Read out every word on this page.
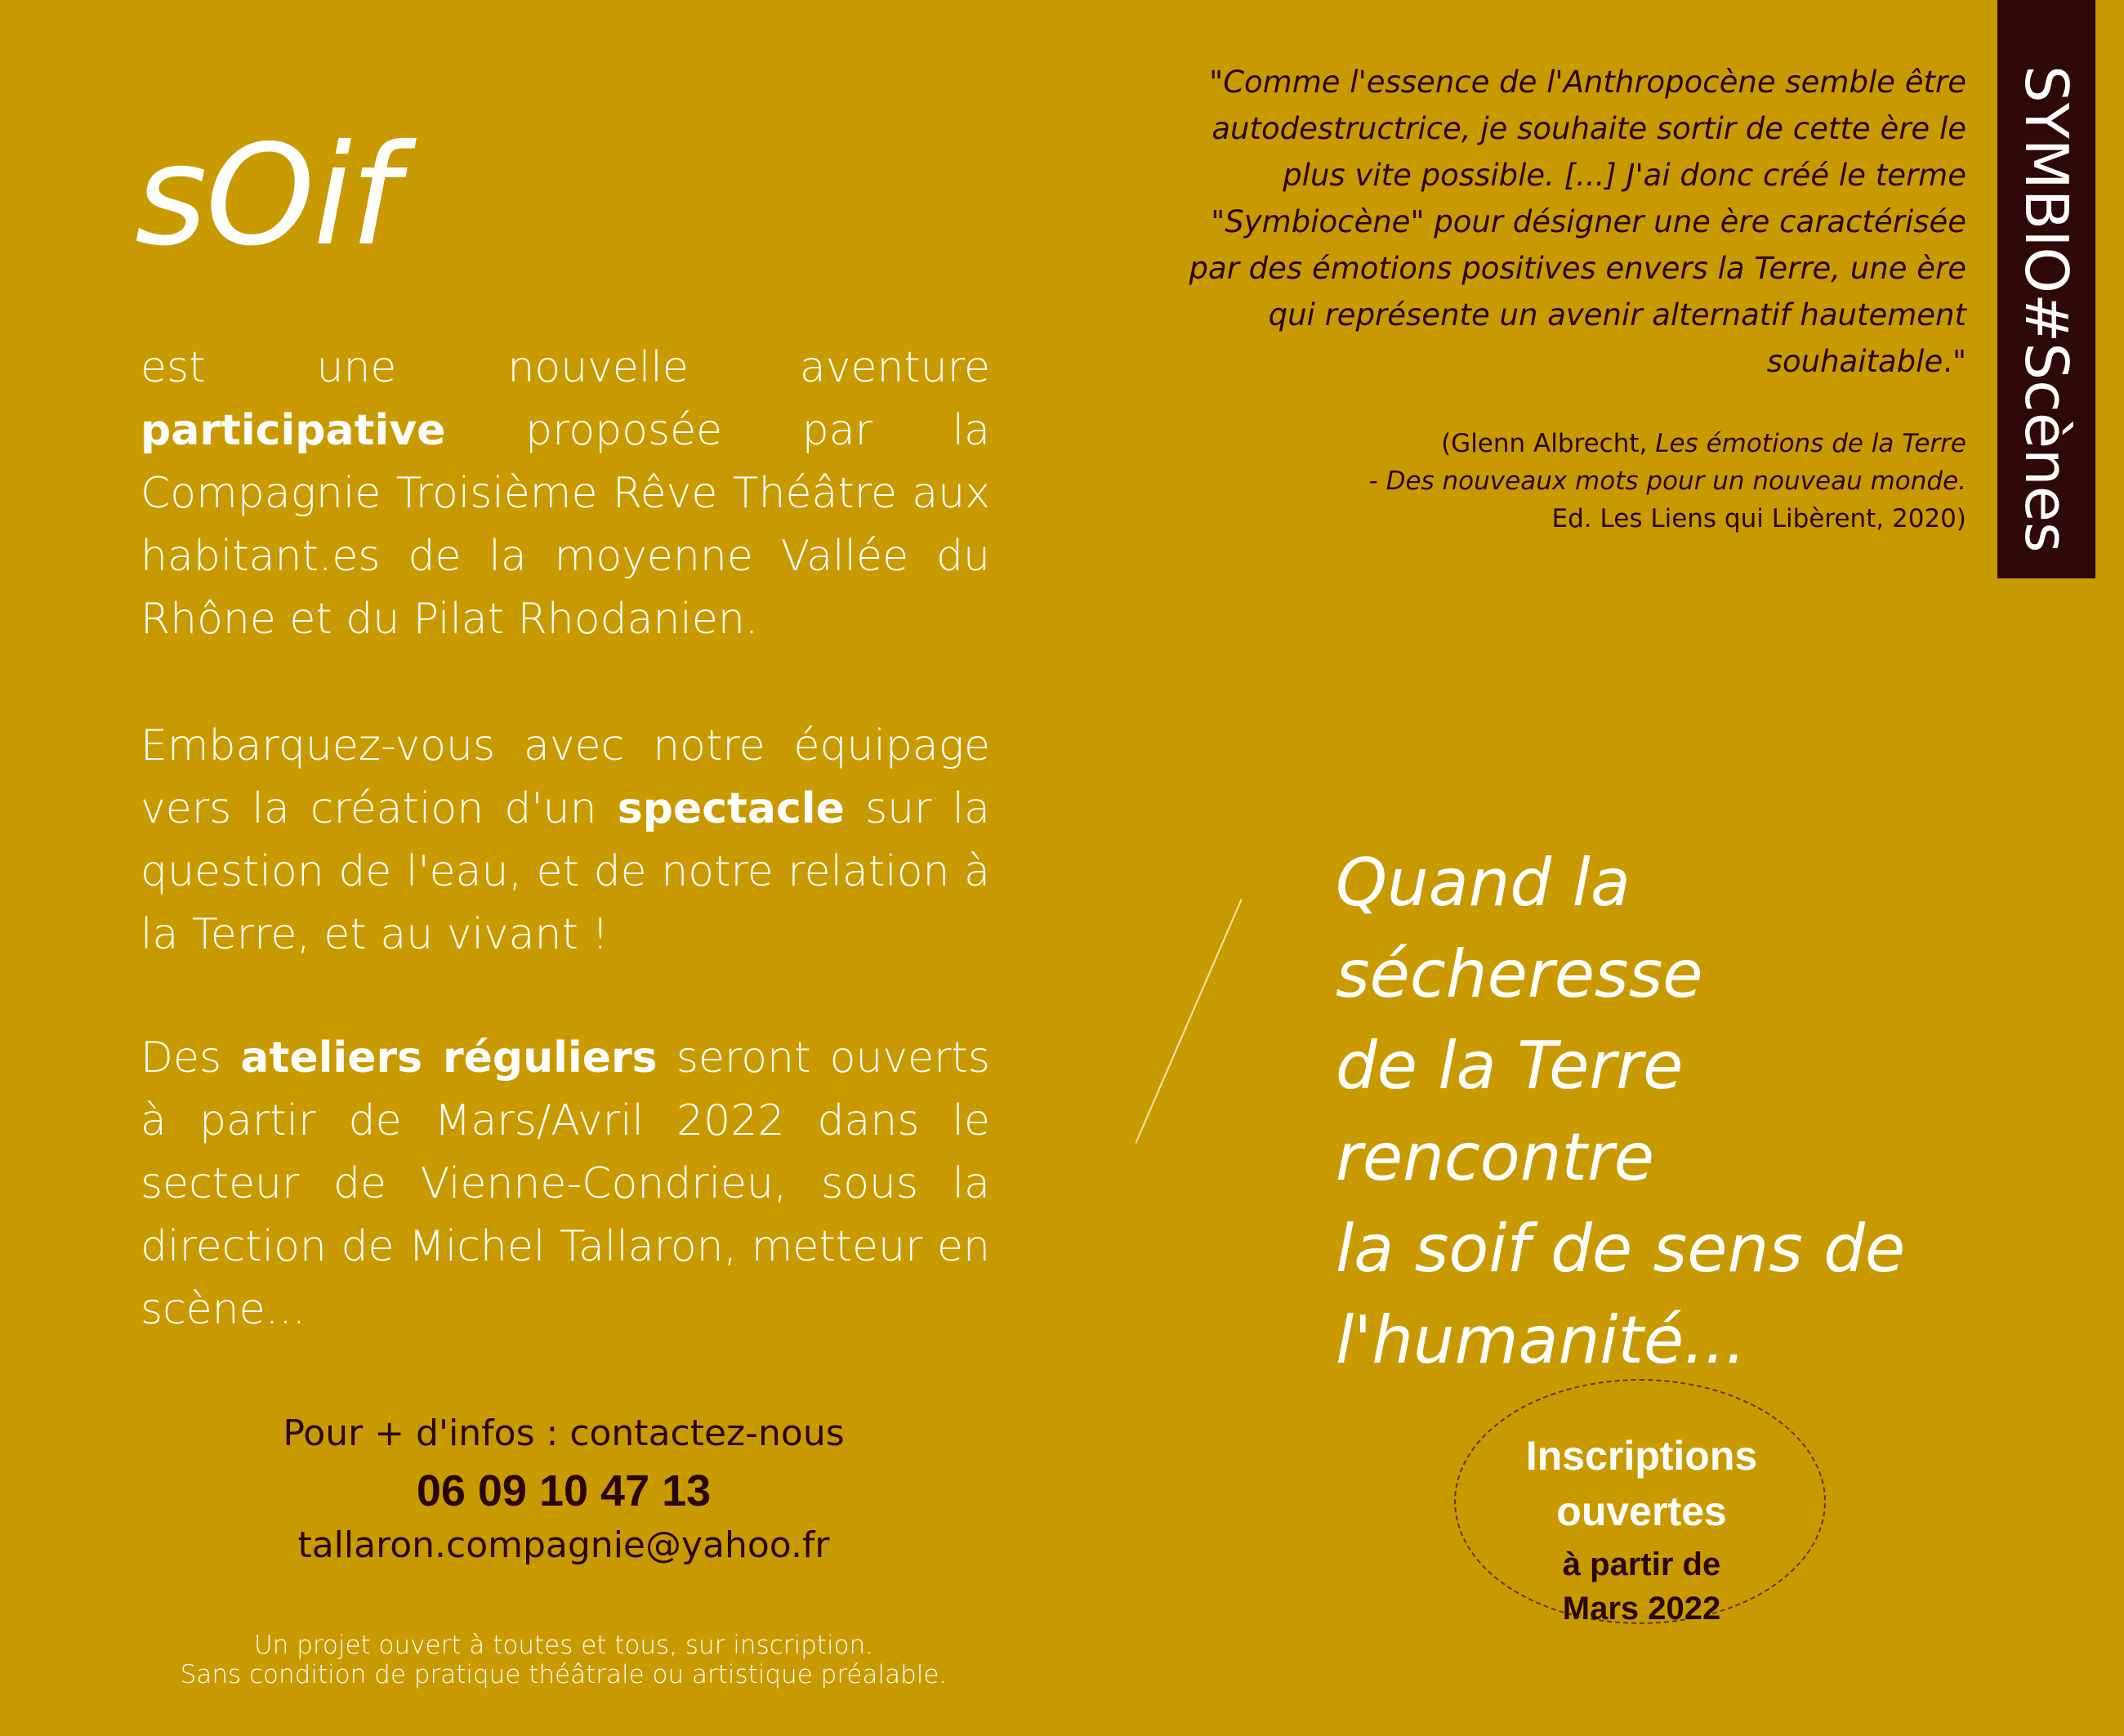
sOif
est une nouvelle aventure participative proposée par la Compagnie Troisième Rêve Théâtre aux habitant.es de la moyenne Vallée du Rhône et du Pilat Rhodanien.
Embarquez-vous avec notre équipage vers la création d'un spectacle sur la question de l'eau, et de notre relation à la Terre, et au vivant !
Des ateliers réguliers seront ouverts à partir de Mars/Avril 2022 dans le secteur de Vienne-Condrieu, sous la direction de Michel Tallaron, metteur en scène...
"Comme l'essence de l'Anthropocène semble être autodestructrice, je souhaite sortir de cette ère le plus vite possible. [...] J'ai donc créé le terme "Symbiocène" pour désigner une ère caractérisée par des émotions positives envers la Terre, une ère qui représente un avenir alternatif hautement souhaitable."
(Glenn Albrecht, Les émotions de la Terre
- Des nouveaux mots pour un nouveau monde.
Ed. Les Liens qui Libèrent, 2020) SYMBIO#Scènes
Quand la sécheresse
de la Terre rencontre
la soif de sens de
l'humanité...
Pour + d'infos : contactez-nous
06 09 10 47 13
tallaron.compagnie@yahoo.fr
Un projet ouvert à toutes et tous, sur inscription.
Sans condition de pratique théâtrale ou artistique préalable.
Inscriptions
ouvertes
à partir de
Mars 2022
